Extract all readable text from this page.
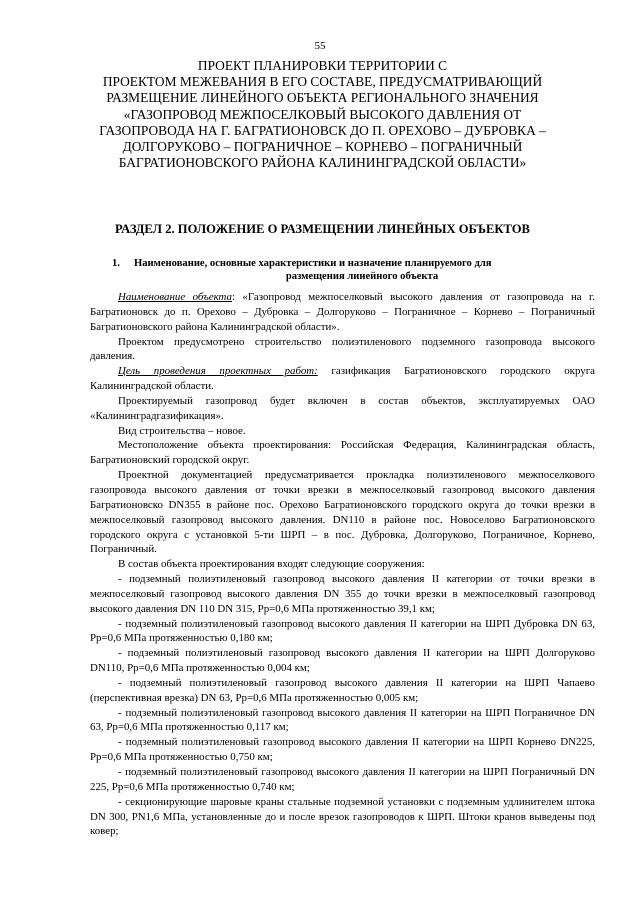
55
ПРОЕКТ ПЛАНИРОВКИ ТЕРРИТОРИИ С
ПРОЕКТОМ МЕЖЕВАНИЯ В ЕГО СОСТАВЕ, ПРЕДУСМАТРИВАЮЩИЙ
РАЗМЕЩЕНИЕ ЛИНЕЙНОГО ОБЪЕКТА РЕГИОНАЛЬНОГО ЗНАЧЕНИЯ
«ГАЗОПРОВОД МЕЖПОСЕЛКОВЫЙ ВЫСОКОГО ДАВЛЕНИЯ ОТ
ГАЗОПРОВОДА НА Г. БАГРАТИОНОВСК ДО П. ОРЕХОВО – ДУБРОВКА –
ДОЛГОРУКОВО – ПОГРАНИЧНОЕ – КОРНЕВО – ПОГРАНИЧНЫЙ
БАГРАТИОНОВСКОГО РАЙОНА КАЛИНИНГРАДСКОЙ ОБЛАСТИ»
РАЗДЕЛ 2. ПОЛОЖЕНИЕ О РАЗМЕЩЕНИИ ЛИНЕЙНЫХ ОБЪЕКТОВ
1. Наименование, основные характеристики и назначение планируемого для
размещения линейного объекта

Наименование объекта: «Газопровод межпоселковый высокого давления от газопровода на г. Багратионовск до п. Орехово – Дубровка – Долгоруково – Пограничное – Корнево – Пограничный Багратионовского района Калининградской области».

Проектом предусмотрено строительство полиэтиленового подземного газопровода высокого давления.

Цель проведения проектных работ: газификация Багратионовского городского округа Калининградской области.

Проектируемый газопровод будет включен в состав объектов, эксплуатируемых ОАО «Калининградгазификация».

Вид строительства – новое.

Местоположение объекта проектирования: Российская Федерация, Калининградская область, Багратионовский городской округ.

Проектной документацией предусматривается прокладка полиэтиленового межпоселкового газопровода высокого давления от точки врезки в межпоселковый газопровод высокого давления Багратионовско DN355 в районе пос. Орехово Багратионовского городского округа до точки врезки в межпоселковый газопровод высокого давления. DN110 в районе пос. Новоселово Багратионовского городского округа с установкой 5-ти ШРП – в пос. Дубровка, Долгоруково, Пограничное, Корнево, Пограничный.

В состав объекта проектирования входят следующие сооружения:

- подземный полиэтиленовый газопровод высокого давления II категории от точки врезки в межпоселковый газопровод высокого давления DN 355 до точки врезки в межпоселковый газопровод высокого давления DN 110 DN 315, Рр=0,6 МПа протяженностью 39,1 км;

- подземный полиэтиленовый газопровод высокого давления II категории на ШРП Дубровка DN 63, Рр=0,6 МПа протяженностью 0,180 км;

- подземный полиэтиленовый газопровод высокого давления II категории на ШРП Долгоруково DN110, Рр=0,6 МПа протяженностью 0,004 км;

- подземный полиэтиленовый газопровод высокого давления II категории на ШРП Чапаево (перспективная врезка) DN 63, Рр=0,6 МПа протяженностью 0,005 км;

- подземный полиэтиленовый газопровод высокого давления II категории на ШРП Пограничное DN 63, Рр=0,6 МПа протяженностью 0,117 км;

- подземный полиэтиленовый газопровод высокого давления II категории на ШРП Корнево DN225, Рр=0,6 МПа протяженностью 0,750 км;

- подземный полиэтиленовый газопровод высокого давления II категории на ШРП Пограничный DN 225, Рр=0,6 МПа протяженностью 0,740 км;

- секционирующие шаровые краны стальные подземной установки с подземным удлинителем штока DN 300, PN1,6 МПа, установленные до и после врезок газопроводов к ШРП. Штоки кранов выведены под ковер;
